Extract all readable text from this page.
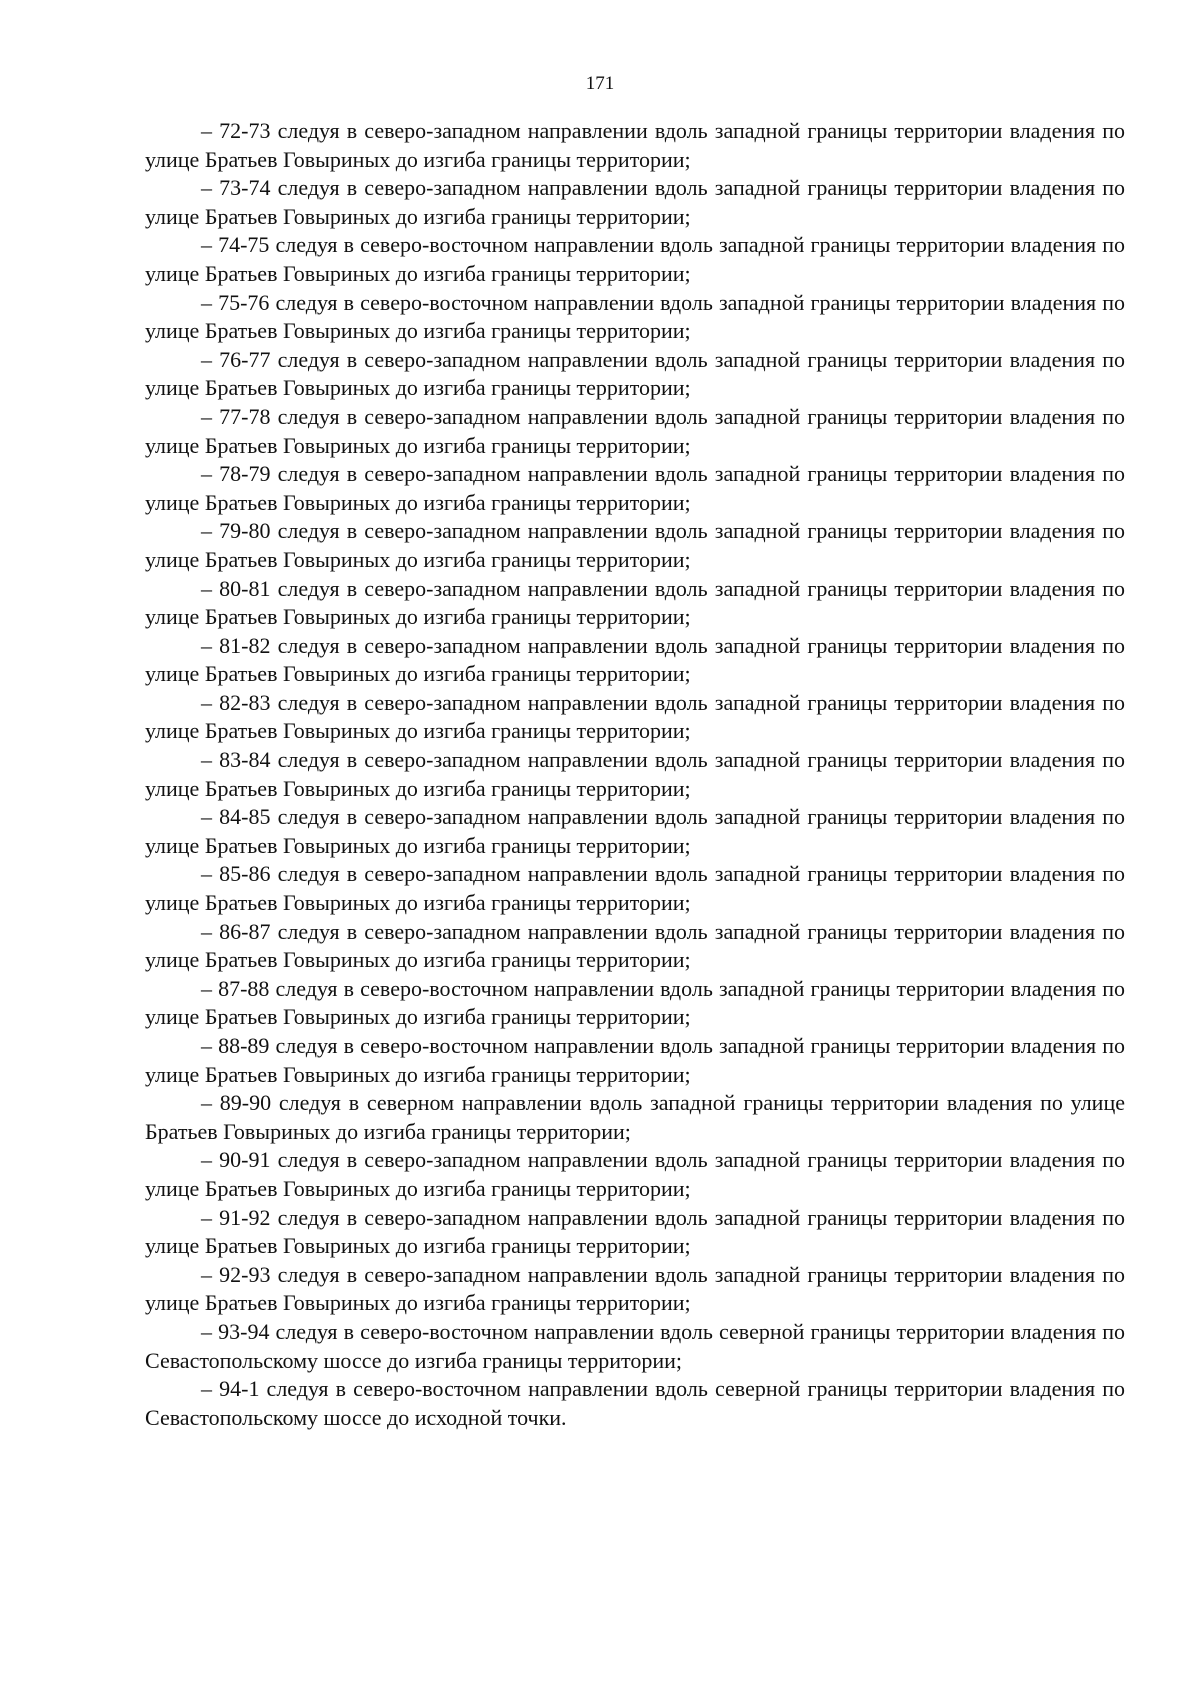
171

– 72-73 следуя в северо-западном направлении вдоль западной границы территории владения по улице Братьев Говыриных до изгиба границы территории;

– 73-74 следуя в северо-западном направлении вдоль западной границы территории владения по улице Братьев Говыриных до изгиба границы территории;

– 74-75 следуя в северо-восточном направлении вдоль западной границы территории владения по улице Братьев Говыриных до изгиба границы территории;

– 75-76 следуя в северо-восточном направлении вдоль западной границы территории владения по улице Братьев Говыриных до изгиба границы территории;

– 76-77 следуя в северо-западном направлении вдоль западной границы территории владения по улице Братьев Говыриных до изгиба границы территории;

– 77-78 следуя в северо-западном направлении вдоль западной границы территории владения по улице Братьев Говыриных до изгиба границы территории;

– 78-79 следуя в северо-западном направлении вдоль западной границы территории владения по улице Братьев Говыриных до изгиба границы территории;

– 79-80 следуя в северо-западном направлении вдоль западной границы территории владения по улице Братьев Говыриных до изгиба границы территории;

– 80-81 следуя в северо-западном направлении вдоль западной границы территории владения по улице Братьев Говыриных до изгиба границы территории;

– 81-82 следуя в северо-западном направлении вдоль западной границы территории владения по улице Братьев Говыриных до изгиба границы территории;

– 82-83 следуя в северо-западном направлении вдоль западной границы территории владения по улице Братьев Говыриных до изгиба границы территории;

– 83-84 следуя в северо-западном направлении вдоль западной границы территории владения по улице Братьев Говыриных до изгиба границы территории;

– 84-85 следуя в северо-западном направлении вдоль западной границы территории владения по улице Братьев Говыриных до изгиба границы территории;

– 85-86 следуя в северо-западном направлении вдоль западной границы территории владения по улице Братьев Говыриных до изгиба границы территории;

– 86-87 следуя в северо-западном направлении вдоль западной границы территории владения по улице Братьев Говыриных до изгиба границы территории;

– 87-88 следуя в северо-восточном направлении вдоль западной границы территории владения по улице Братьев Говыриных до изгиба границы территории;

– 88-89 следуя в северо-восточном направлении вдоль западной границы территории владения по улице Братьев Говыриных до изгиба границы территории;

– 89-90 следуя в северном направлении вдоль западной границы территории владения по улице Братьев Говыриных до изгиба границы территории;

– 90-91 следуя в северо-западном направлении вдоль западной границы территории владения по улице Братьев Говыриных до изгиба границы территории;

– 91-92 следуя в северо-западном направлении вдоль западной границы территории владения по улице Братьев Говыриных до изгиба границы территории;

– 92-93 следуя в северо-западном направлении вдоль западной границы территории владения по улице Братьев Говыриных до изгиба границы территории;

– 93-94 следуя в северо-восточном направлении вдоль северной границы территории владения по Севастопольскому шоссе до изгиба границы территории;

– 94-1 следуя в северо-восточном направлении вдоль северной границы территории владения по Севастопольскому шоссе до исходной точки.
